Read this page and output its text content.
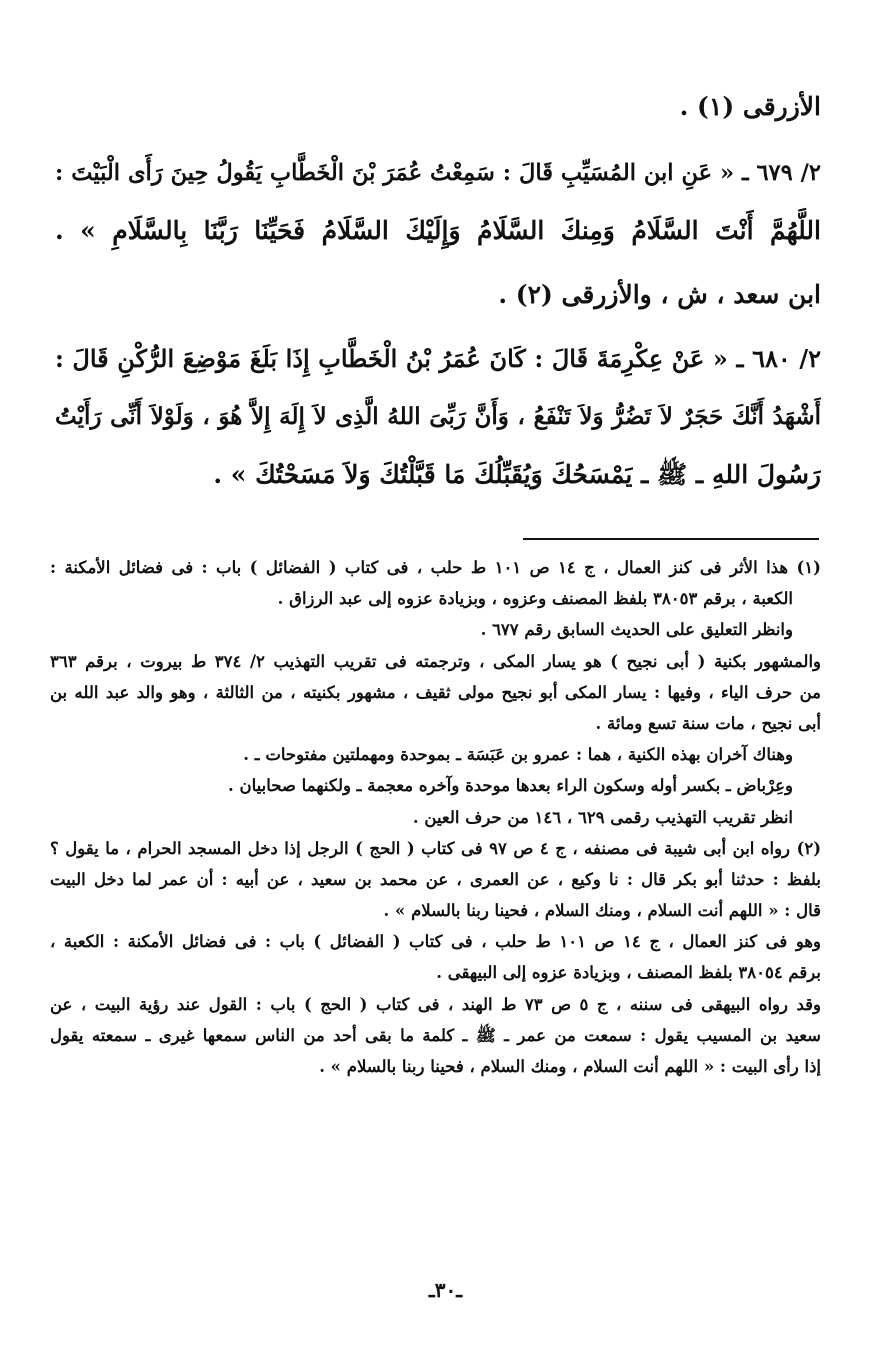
الأزرقى (١) .
٢/ ٦٧٩ ـ « عَنِ ابن المُسَيِّبِ قَالَ : سَمِعْتُ عُمَرَ بْنَ الْخَطَّابِ يَقُولُ حِينَ رَأَى الْبَيْتَ :
اللَّهُمَّ أَنْتَ السَّلَامُ وَمِنكَ السَّلَامُ وَإِلَيْكَ السَّلَامُ فَحَيِّنَا رَبَّنَا بِالسَّلَامِ » .
ابن سعد ، ش ، والأزرقى (٢) .
٢/ ٦٨٠ ـ « عَنْ عِكْرِمَةَ قَالَ : كَانَ عُمَرُ بْنُ الْخَطَّابِ إِذَا بَلَغَ مَوْضِعَ الرُّكْنِ قَالَ :
أَشْهَدُ أَنَّكَ حَجَرٌ لاَ تَضُرُّ وَلاَ تَنْفَعُ ، وَأَنَّ رَبِّىَ اللهُ الَّذِى لاَ إِلَهَ إِلاَّ هُوَ ، وَلَوْلاَ أَنِّى رَأَيْتُ
رَسُولَ اللهِ ـ ﷺ ـ يَمْسَحُكَ وَيُقَبِّلُكَ مَا قَبَّلْتُكَ وَلاَ مَسَحْتُكَ » .
(١) هذا الأثر فى كنز العمال ، ج ١٤ ص ١٠١ ط حلب ، فى كتاب ( الفضائل ) باب : فى فضائل الأمكنة :
الكعبة ، برقم ٣٨٠٥٣ بلفظ المصنف وعزوه ، وبزيادة عزوه إلى عبد الرزاق .
وانظر التعليق على الحديث السابق رقم ٦٧٧ .
والمشهور بكنية ( أبى نجيح ) هو يسار المكى ، وترجمته فى تقريب التهذيب ٢/ ٣٧٤ ط بيروت ، برقم ٣٦٣
من حرف الياء ، وفيها : يسار المكى أبو نجيح مولى ثقيف ، مشهور بكنيته ، من الثالثة ، وهو والد عبد الله بن
أبى نجيح ، مات سنة تسع ومائة .
وهناك آخران بهذه الكنية ، هما : عمرو بن عَبَسَة ـ بموحدة ومهملتين مفتوحات ـ .
وعِرْباض ـ بكسر أوله وسكون الراء بعدها موحدة وآخره معجمة ـ ولكنهما صحابيان .
انظر تقريب التهذيب رقمى ٦٢٩ ، ١٤٦ من حرف العين .
(٢) رواه ابن أبى شيبة فى مصنفه ، ج ٤ ص ٩٧ فى كتاب ( الحج ) الرجل إذا دخل المسجد الحرام ، ما يقول ؟
بلفظ : حدثنا أبو بكر قال : نا وكيع ، عن العمرى ، عن محمد بن سعيد ، عن أبيه : أن عمر لما دخل البيت
قال : « اللهم أنت السلام ، ومنك السلام ، فحينا ربنا بالسلام » .
وهو فى كنز العمال ، ج ١٤ ص ١٠١ ط حلب ، فى كتاب ( الفضائل ) باب : فى فضائل الأمكنة : الكعبة ،
برقم ٣٨٠٥٤ بلفظ المصنف ، وبزيادة عزوه إلى البيهقى .
وقد رواه البيهقى فى سننه ، ج ٥ ص ٧٣ ط الهند ، فى كتاب ( الحج ) باب : القول عند رؤية البيت ، عن
سعيد بن المسيب يقول : سمعت من عمر ـ ﷺ ـ كلمة ما بقى أحد من الناس سمعها غيرى ـ سمعته يقول
إذا رأى البيت : « اللهم أنت السلام ، ومنك السلام ، فحينا ربنا بالسلام » .
ـ٣٠ـ
